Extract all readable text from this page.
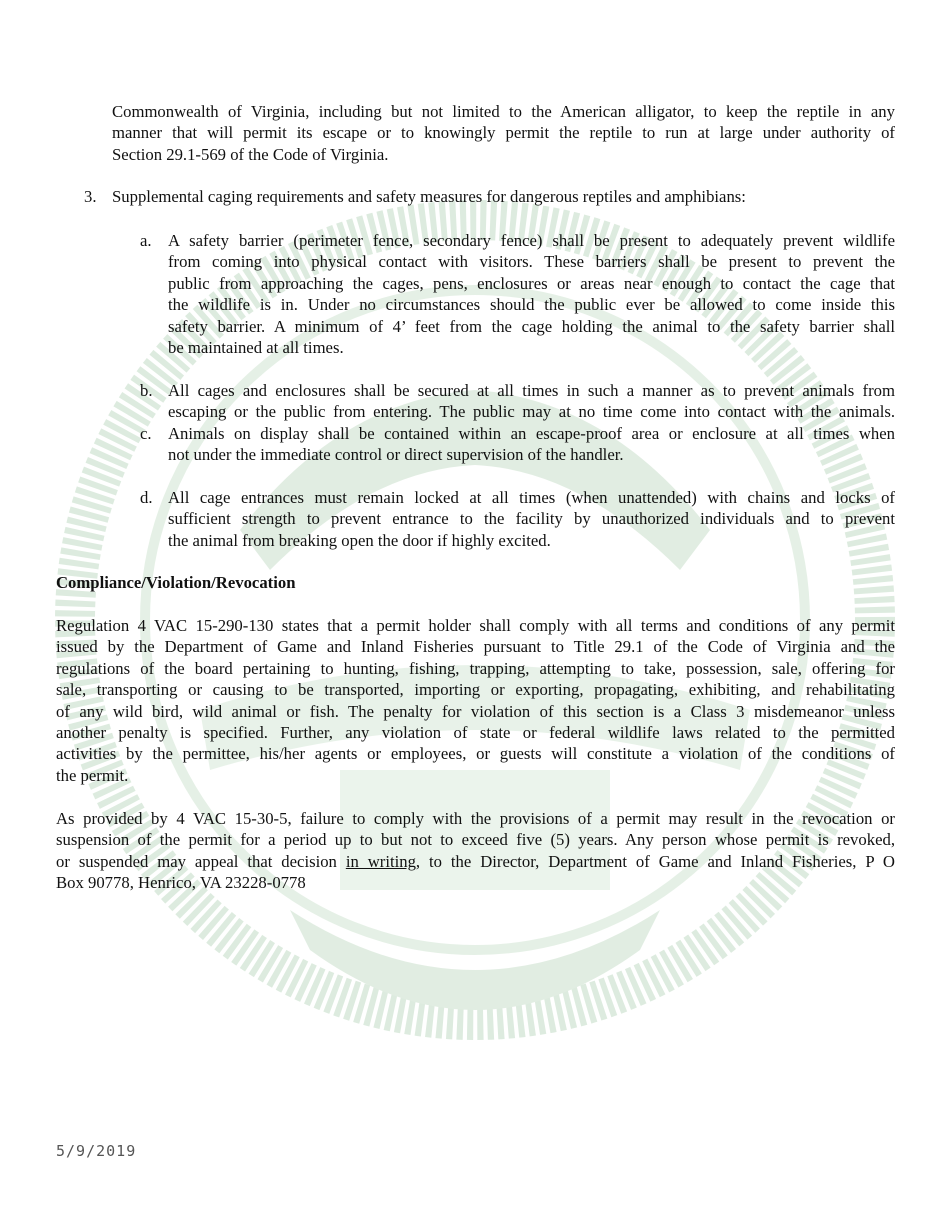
Commonwealth of Virginia, including but not limited to the American alligator, to keep the reptile in any
manner that will permit its escape or to knowingly permit the reptile to run at large under authority of
Section 29.1-569 of the Code of Virginia.
3. Supplemental caging requirements and safety measures for dangerous reptiles and amphibians:
a. A safety barrier (perimeter fence, secondary fence) shall be present to adequately prevent wildlife
from coming into physical contact with visitors. These barriers shall be present to prevent the
public from approaching the cages, pens, enclosures or areas near enough to contact the cage that
the wildlife is in. Under no circumstances should the public ever be allowed to come inside this
safety barrier. A minimum of 4’ feet from the cage holding the animal to the safety barrier shall
be maintained at all times.
b. All cages and enclosures shall be secured at all times in such a manner as to prevent animals from
escaping or the public from entering. The public may at no time come into contact with the animals.
c. Animals on display shall be contained within an escape-proof area or enclosure at all times when
not under the immediate control or direct supervision of the handler.
d. All cage entrances must remain locked at all times (when unattended) with chains and locks of
sufficient strength to prevent entrance to the facility by unauthorized individuals and to prevent
the animal from breaking open the door if highly excited.
Compliance/Violation/Revocation
Regulation 4 VAC 15-290-130 states that a permit holder shall comply with all terms and conditions of any permit
issued by the Department of Game and Inland Fisheries pursuant to Title 29.1 of the Code of Virginia and the
regulations of the board pertaining to hunting, fishing, trapping, attempting to take, possession, sale, offering for
sale, transporting or causing to be transported, importing or exporting, propagating, exhibiting, and rehabilitating
of any wild bird, wild animal or fish. The penalty for violation of this section is a Class 3 misdemeanor unless
another penalty is specified. Further, any violation of state or federal wildlife laws related to the permitted
activities by the permittee, his/her agents or employees, or guests will constitute a violation of the conditions of
the permit.
As provided by 4 VAC 15-30-5, failure to comply with the provisions of a permit may result in the revocation or
suspension of the permit for a period up to but not to exceed five (5) years. Any person whose permit is revoked,
or suspended may appeal that decision in writing, to the Director, Department of Game and Inland Fisheries, P O
Box 90778, Henrico, VA 23228-0778
5/9/2019
